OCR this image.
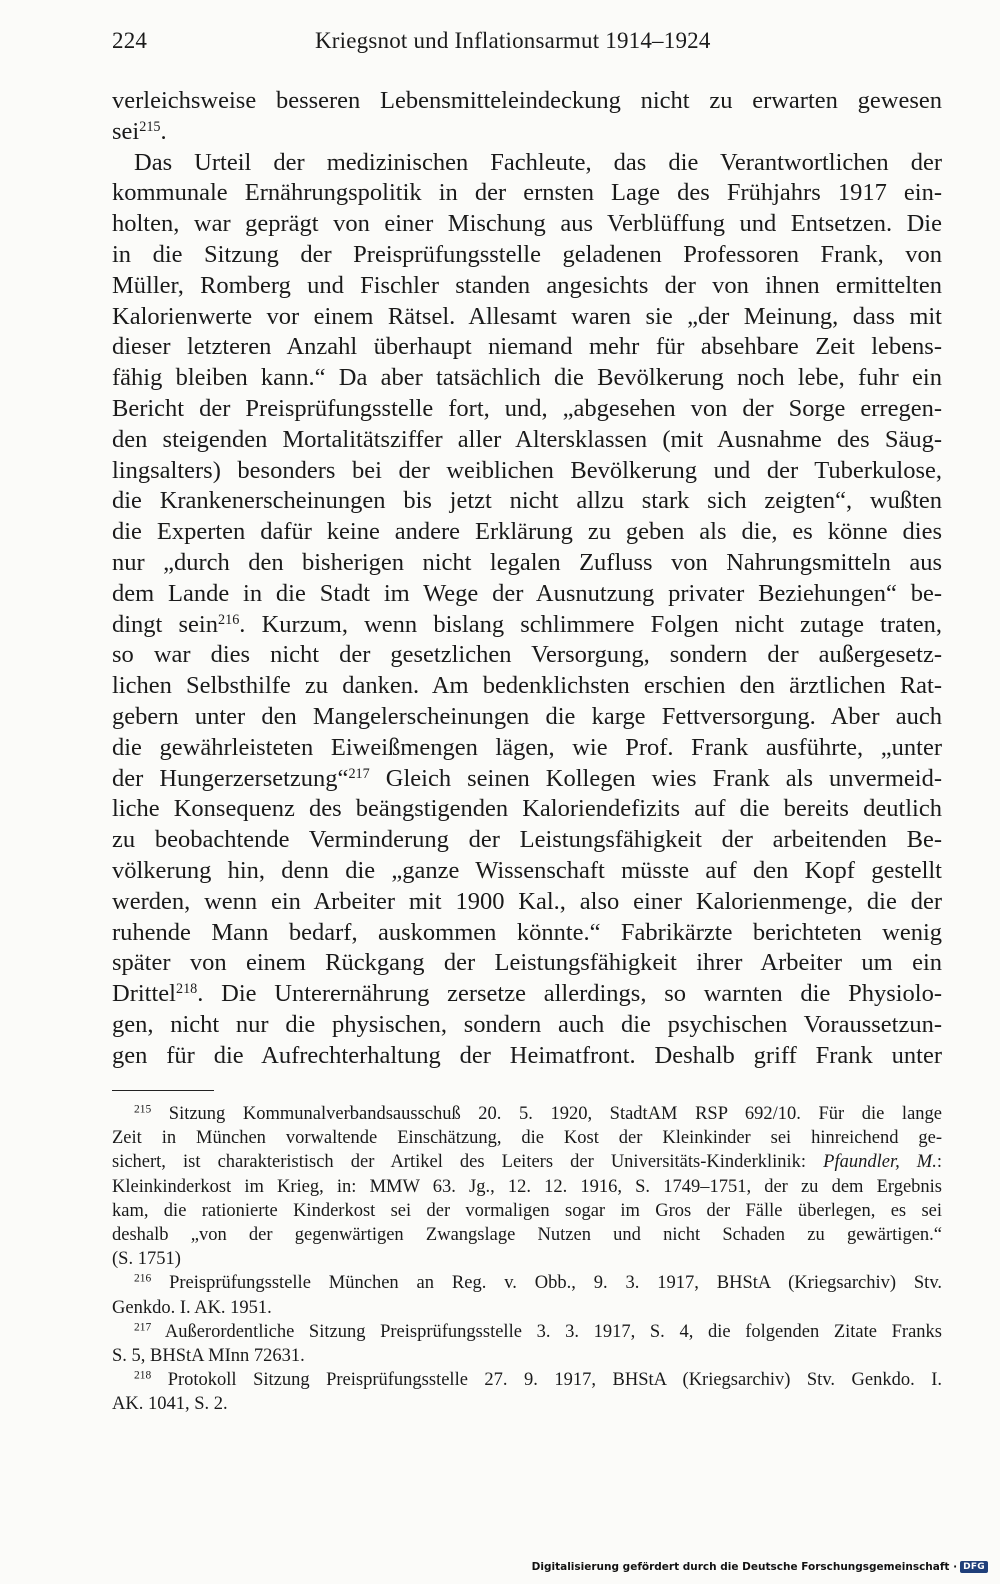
224	Kriegsnot und Inflationsarmut 1914–1924
verleichsweise besseren Lebensmitteleindeckung nicht zu erwarten gewesen
sei$^{215}$.
Das Urteil der medizinischen Fachleute, das die Verantwortlichen der
kommunale Ernährungspolitik in der ernsten Lage des Frühjahrs 1917 ein-
holten, war geprägt von einer Mischung aus Verblüffung und Entsetzen. Die
in die Sitzung der Preisprüfungsstelle geladenen Professoren Frank, von
Müller, Romberg und Fischler standen angesichts der von ihnen ermittelten
Kalorienwerte vor einem Rätsel. Allesamt waren sie „der Meinung, dass mit
dieser letzteren Anzahl überhaupt niemand mehr für absehbare Zeit lebens-
fähig bleiben kann.“ Da aber tatsächlich die Bevölkerung noch lebe, fuhr ein
Bericht der Preisprüfungsstelle fort, und, „abgesehen von der Sorge erregen-
den steigenden Mortalitätsziffer aller Altersklassen (mit Ausnahme des Säug-
lingsalters) besonders bei der weiblichen Bevölkerung und der Tuberkulose,
die Krankenerscheinungen bis jetzt nicht allzu stark sich zeigten“, wußten
die Experten dafür keine andere Erklärung zu geben als die, es könne dies
nur „durch den bisherigen nicht legalen Zufluss von Nahrungsmitteln aus
dem Lande in die Stadt im Wege der Ausnutzung privater Beziehungen“ be-
dingt sein$^{216}$. Kurzum, wenn bislang schlimmere Folgen nicht zutage traten,
so war dies nicht der gesetzlichen Versorgung, sondern der außergesetz-
lichen Selbsthilfe zu danken. Am bedenklichsten erschien den ärztlichen Rat-
gebern unter den Mangelerscheinungen die karge Fettversorgung. Aber auch
die gewährleisteten Eiweißmengen lägen, wie Prof. Frank ausführte, „unter
der Hungerzersetzung“$^{217}$ Gleich seinen Kollegen wies Frank als unvermeid-
liche Konsequenz des beängstigenden Kaloriendefizits auf die bereits deutlich
zu beobachtende Verminderung der Leistungsfähigkeit der arbeitenden Be-
völkerung hin, denn die „ganze Wissenschaft müsste auf den Kopf gestellt
werden, wenn ein Arbeiter mit 1900 Kal., also einer Kalorienmenge, die der
ruhende Mann bedarf, auskommen könnte.“ Fabrikärzte berichteten wenig
später von einem Rückgang der Leistungsfähigkeit ihrer Arbeiter um ein
Drittel$^{218}$. Die Unterernährung zersetze allerdings, so warnten die Physiolo-
gen, nicht nur die physischen, sondern auch die psychischen Voraussetzun-
gen für die Aufrechterhaltung der Heimatfront. Deshalb griff Frank unter
$^{215}$ Sitzung Kommunalverbandsausschuß 20. 5. 1920, StadtAM RSP 692/10. Für die lange
Zeit in München vorwaltende Einschätzung, die Kost der Kleinkinder sei hinreichend ge-
sichert, ist charakteristisch der Artikel des Leiters der Universitäts-Kinderklinik: Pfaundler, M.:
Kleinkinderkost im Krieg, in: MMW 63. Jg., 12. 12. 1916, S. 1749–1751, der zu dem Ergebnis
kam, die rationierte Kinderkost sei der vormaligen sogar im Gros der Fälle überlegen, es sei
deshalb „von der gegenwärtigen Zwangslage Nutzen und nicht Schaden zu gewärtigen.“
(S. 1751)
$^{216}$ Preisprüfungsstelle München an Reg. v. Obb., 9. 3. 1917, BHStA (Kriegsarchiv) Stv.
Genkdo. I. AK. 1951.
$^{217}$ Außerordentliche Sitzung Preisprüfungsstelle 3. 3. 1917, S. 4, die folgenden Zitate Franks
S. 5, BHStA MInn 72631.
$^{218}$ Protokoll Sitzung Preisprüfungsstelle 27. 9. 1917, BHStA (Kriegsarchiv) Stv. Genkdo. I.
AK. 1041, S. 2.
Digitalisierung gefördert durch die Deutsche Forschungsgemeinschaft · DFG
